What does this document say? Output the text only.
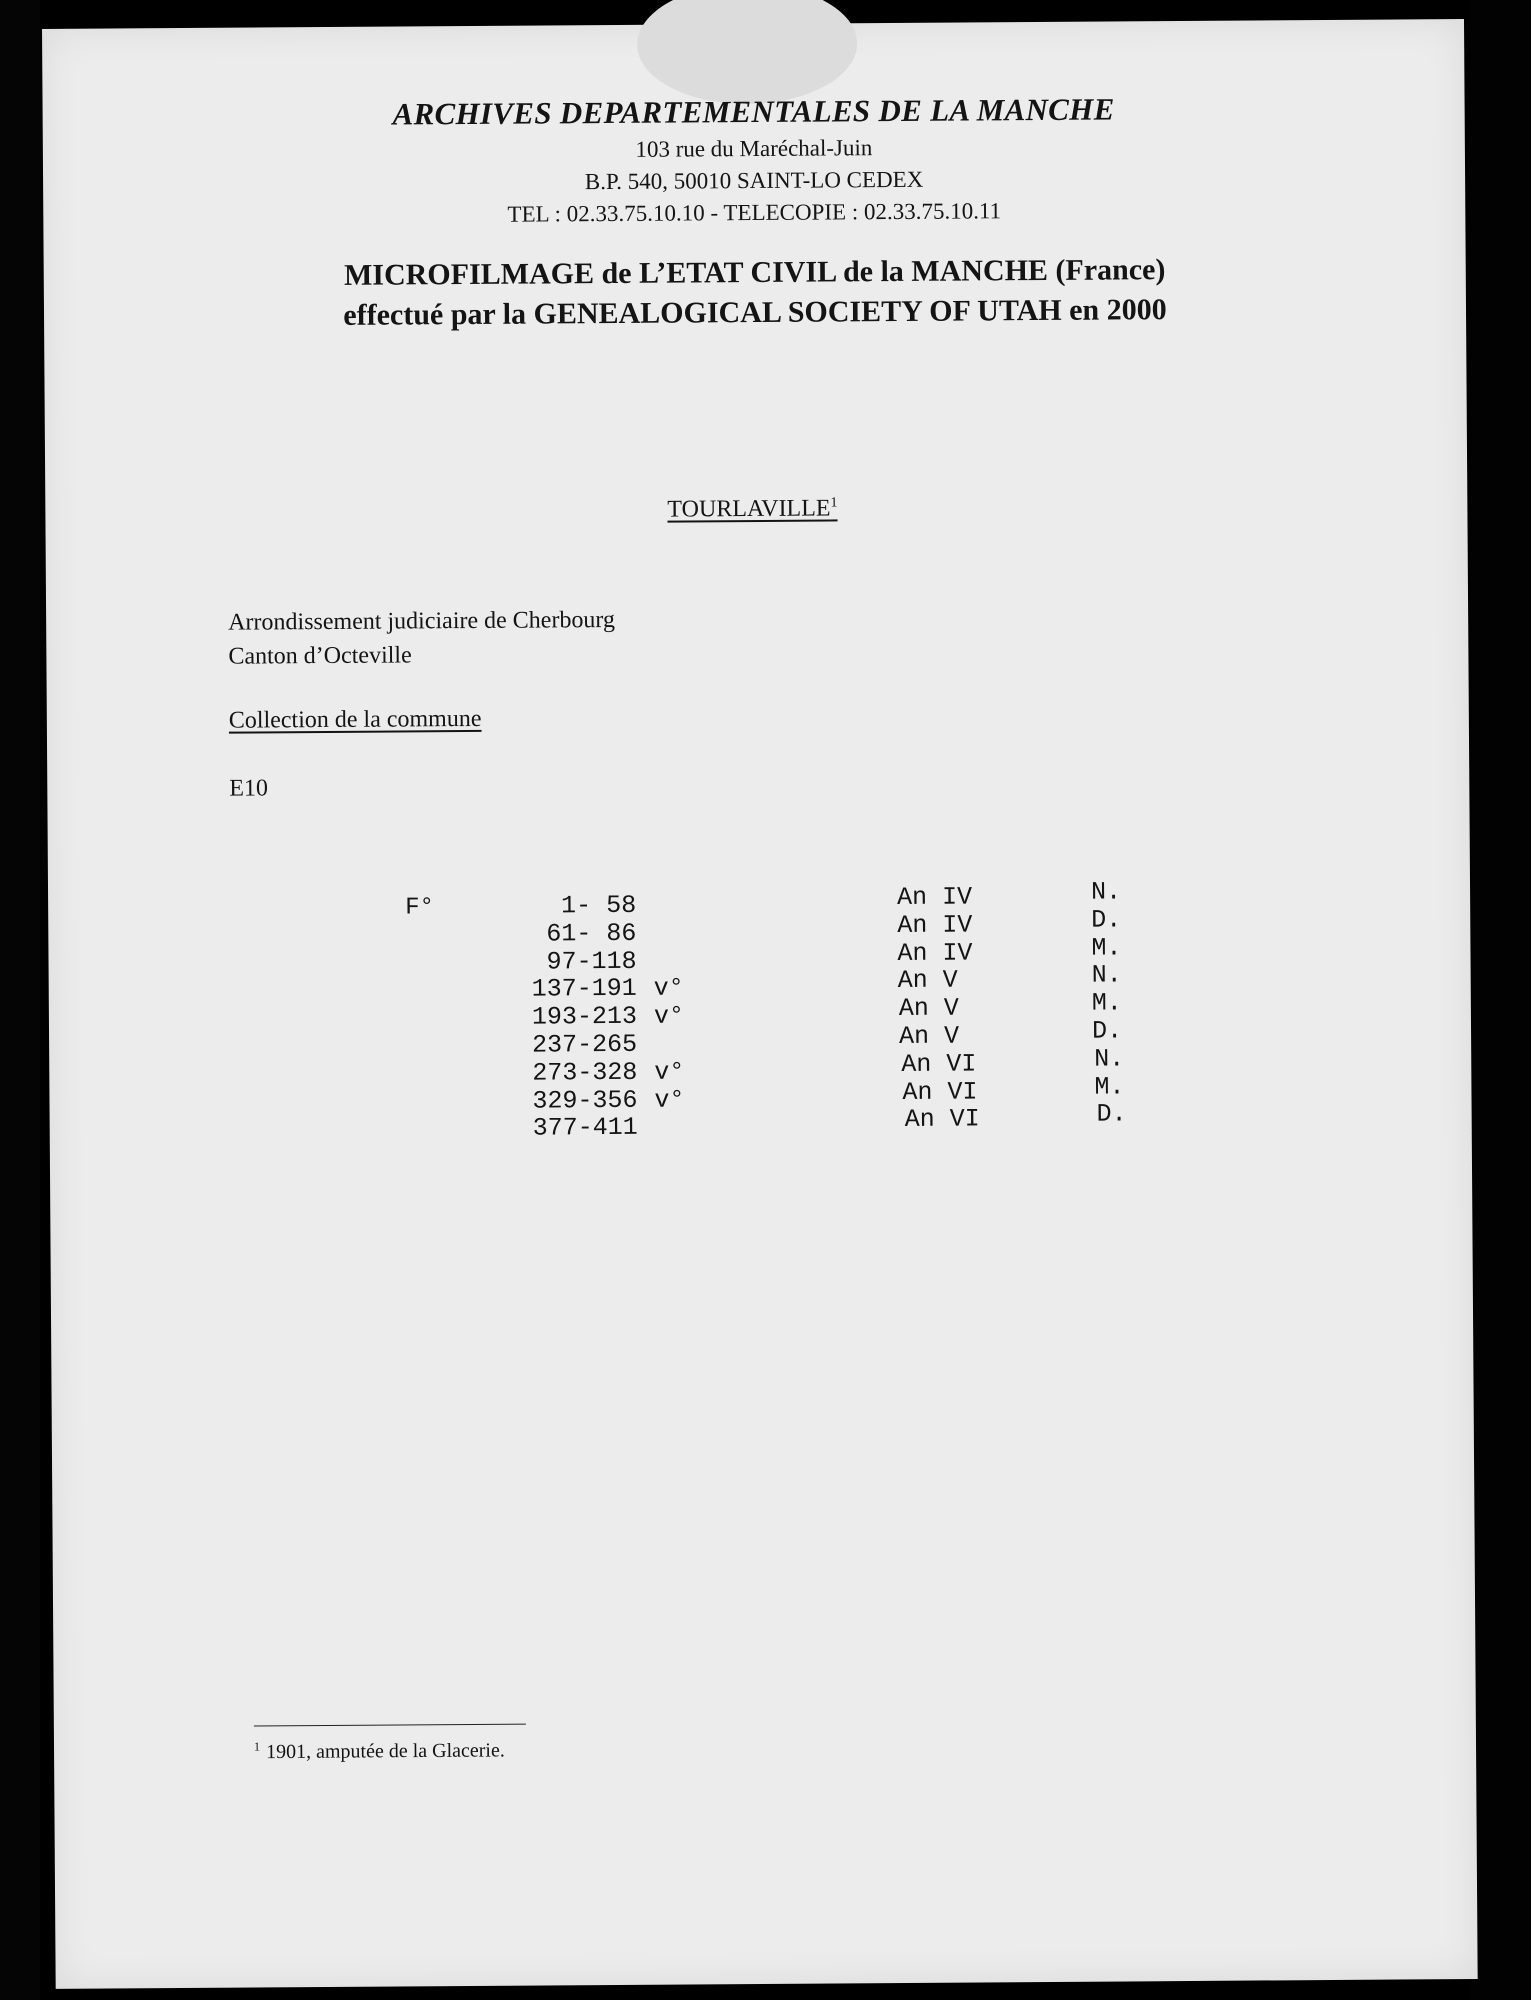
ARCHIVES DEPARTEMENTALES DE LA MANCHE
103 rue du Maréchal-Juin
B.P. 540, 50010 SAINT-LO CEDEX
TEL : 02.33.75.10.10 - TELECOPIE : 02.33.75.10.11
MICROFILMAGE de L’ETAT CIVIL de la MANCHE (France)
effectué par la GENEALOGICAL SOCIETY OF UTAH en 2000
TOURLAVILLE$^1$
Arrondissement judiciaire de Cherbourg
Canton d’Octeville
Collection de la commune
E10
F°	1- 58	An IV	N.
61- 86	An IV	D.
97-118	An IV	M.
137-191 v°	An V	N.
193-213 v°	An V	M.
237-265	An V	D.
273-328 v°	An VI	N.
329-356 v°	An VI	M.
377-411	An VI	D.
$^1$ 1901, amputée de la Glacerie.
